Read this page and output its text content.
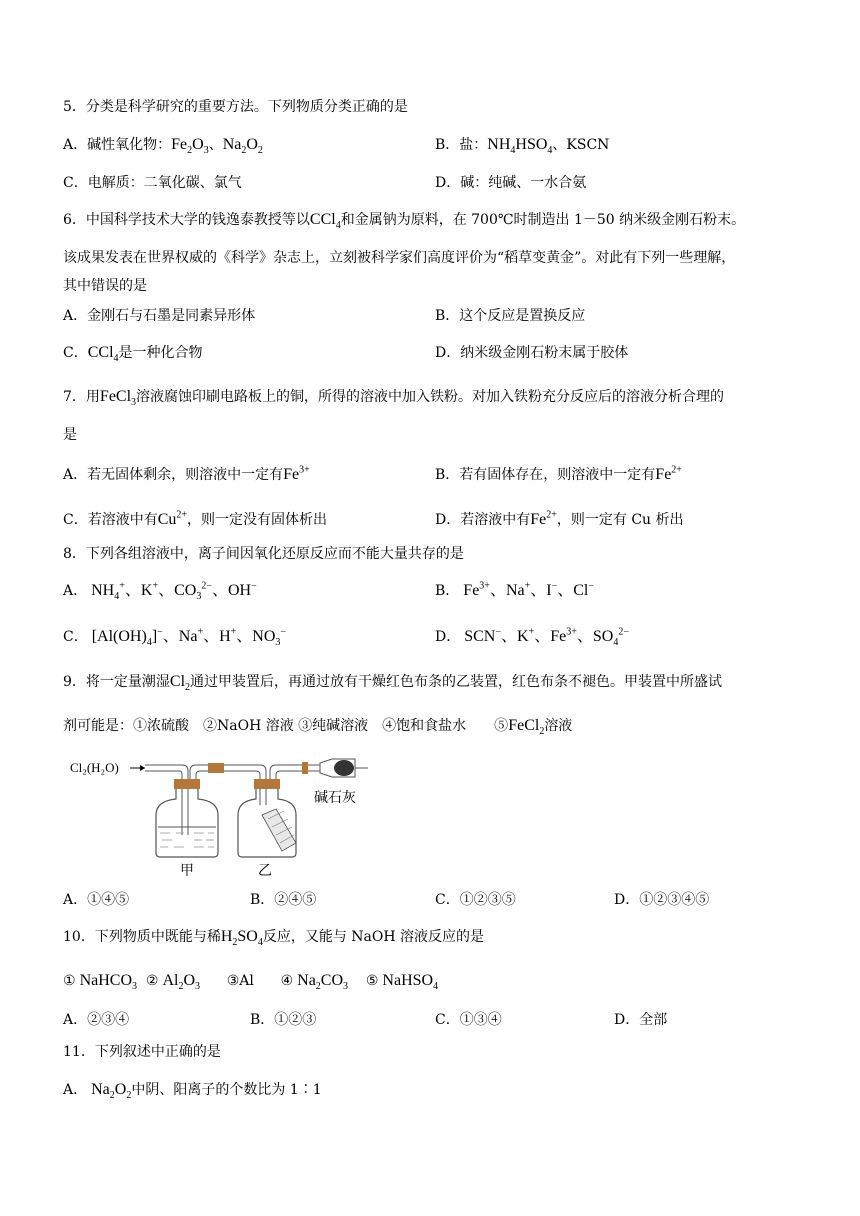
5．分类是科学研究的重要方法。下列物质分类正确的是
A．碱性氧化物：$Fe_2O_3$、$Na_2O_2$	B．盐：$NH_4HSO_4$、KSCN
C．电解质：二氧化碳、氯气	D．碱：纯碱、一水合氨
6．中国科学技术大学的钱逸泰教授等以CCl$_4$和金属钠为原料，在 700℃时制造出 1－50 纳米级金刚石粉末。
该成果发表在世界权威的《科学》杂志上，立刻被科学家们高度评价为“稻草变黄金”。对此有下列一些理解，
其中错误的是
A．金刚石与石墨是同素异形体	B．这个反应是置换反应
C．CCl$_4$是一种化合物	D．纳米级金刚石粉末属于胶体
7．用FeCl$_3$溶液腐蚀印刷电路板上的铜，所得的溶液中加入铁粉。对加入铁粉充分反应后的溶液分析合理的
是
A．若无固体剩余，则溶液中一定有$Fe^{3+}$	B．若有固体存在，则溶液中一定有$Fe^{2+}$
C．若溶液中有$Cu^{2+}$，则一定没有固体析出	D．若溶液中有$Fe^{2+}$，则一定有 Cu 析出
8．下列各组溶液中，离子间因氧化还原反应而不能大量共存的是
A． $NH_4^+$、K+、$CO_3^{2-}$、OH−	B． $Fe^{3+}$、Na+、I−、Cl−
C． $[Al(OH)_4]^-$、Na+、H+、$NO_3^-$	D． SCN−、K+、$Fe^{3+}$、$SO_4^{2-}$
9．将一定量潮湿$Cl_2$通过甲装置后，再通过放有干燥红色布条的乙装置，红色布条不褪色。甲装置中所盛试
剂可能是：①浓硫酸　②NaOH 溶液 ③纯碱溶液　④饱和食盐水　　⑤FeCl$_2$溶液
Cl₂(H₂O)
碱石灰
甲	乙
A．①④⑤	B．②④⑤	C．①②③⑤	D．①②③④⑤
10．下列物质中既能与稀$H_2SO_4$反应，又能与 NaOH 溶液反应的是
① NaHCO$_3$ ② $Al_2O_3$ ③Al ④ $Na_2CO_3$ ⑤ NaHSO$_4$
A．②③④	B．①②③	C．①③④	D．全部
11．下列叙述中正确的是
A． $Na_2O_2$中阴、阳离子的个数比为 1∶1
